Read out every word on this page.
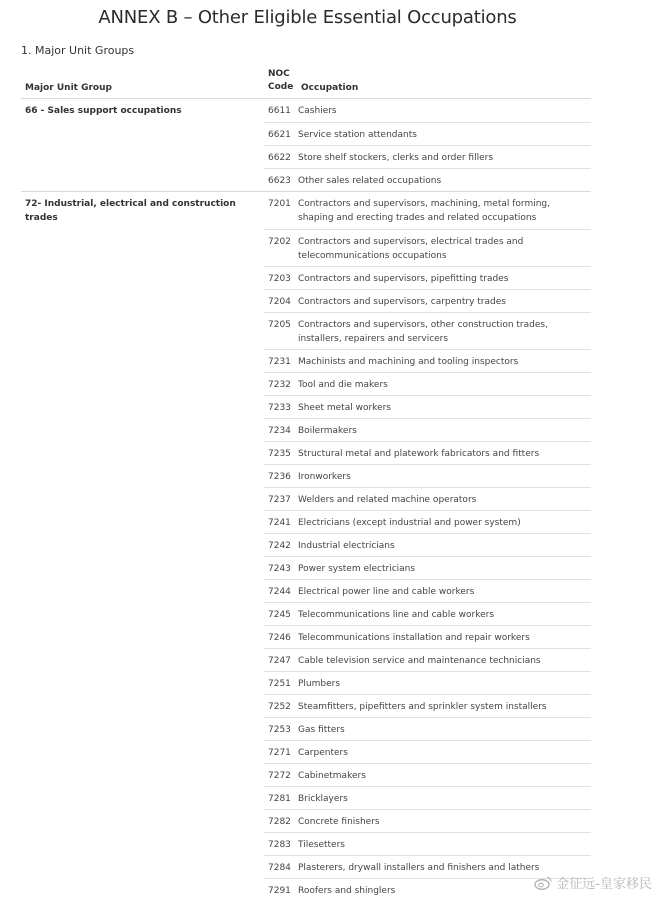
ANNEX B – Other Eligible Essential Occupations
1. Major Unit Groups
Major Unit Group
NOC Code Occupation
66 - Sales support occupations	6611 Cashiers
6621 Service station attendants
6622 Store shelf stockers, clerks and order fillers
6623 Other sales related occupations
72- Industrial, electrical and construction trades
7201 Contractors and supervisors, machining, metal forming, shaping and erecting trades and related occupations
7202 Contractors and supervisors, electrical trades and telecommunications occupations
7203 Contractors and supervisors, pipefitting trades
7204 Contractors and supervisors, carpentry trades
7205 Contractors and supervisors, other construction trades, installers, repairers and servicers
7231 Machinists and machining and tooling inspectors
7232 Tool and die makers
7233 Sheet metal workers
7234 Boilermakers
7235 Structural metal and platework fabricators and fitters
7236 Ironworkers
7237 Welders and related machine operators
7241 Electricians (except industrial and power system)
7242 Industrial electricians
7243 Power system electricians
7244 Electrical power line and cable workers
7245 Telecommunications line and cable workers
7246 Telecommunications installation and repair workers
7247 Cable television service and maintenance technicians
7251 Plumbers
7252 Steamfitters, pipefitters and sprinkler system installers
7253 Gas fitters
7271 Carpenters
7272 Cabinetmakers
7281 Bricklayers
7282 Concrete finishers
7283 Tilesetters
7284 Plasterers, drywall installers and finishers and lathers
7291 Roofers and shinglers	金征远-皇家移民
